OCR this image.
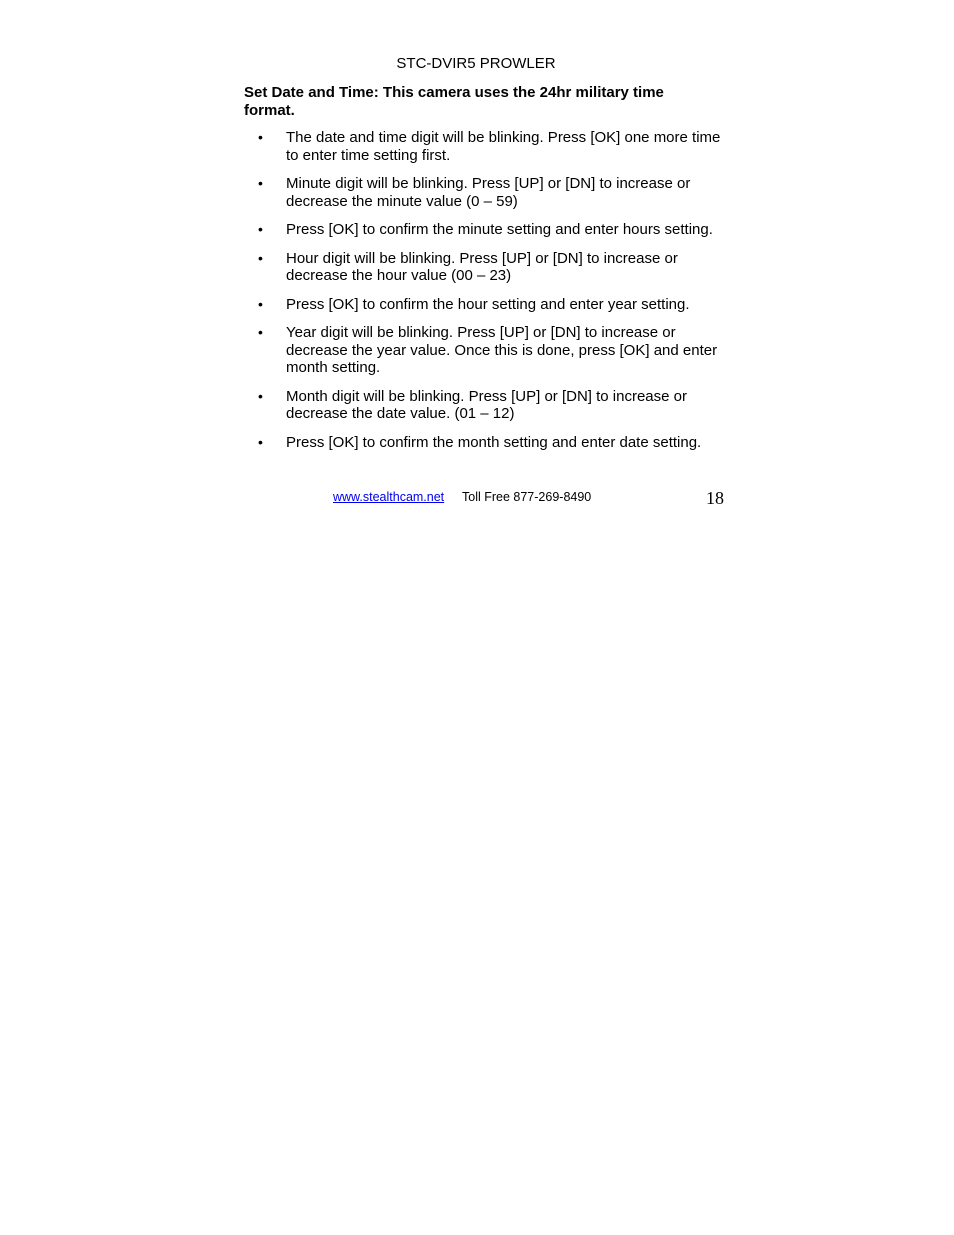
STC-DVIR5 PROWLER

Set Date and Time: This camera uses the 24hr military time format.

• The date and time digit will be blinking. Press [OK] one more time to enter time setting first.
• Minute digit will be blinking. Press [UP] or [DN] to increase or decrease the minute value (0 – 59)
• Press [OK] to confirm the minute setting and enter hours setting.
• Hour digit will be blinking. Press [UP] or [DN] to increase or decrease the hour value (00 – 23)
• Press [OK] to confirm the hour setting and enter year setting.
• Year digit will be blinking. Press [UP] or [DN] to increase or decrease the year value. Once this is done, press [OK] and enter month setting.
• Month digit will be blinking. Press [UP] or [DN] to increase or decrease the date value. (01 – 12)
• Press [OK] to confirm the month setting and enter date setting.
www.stealthcam.net Toll Free 877-269-8490	18
